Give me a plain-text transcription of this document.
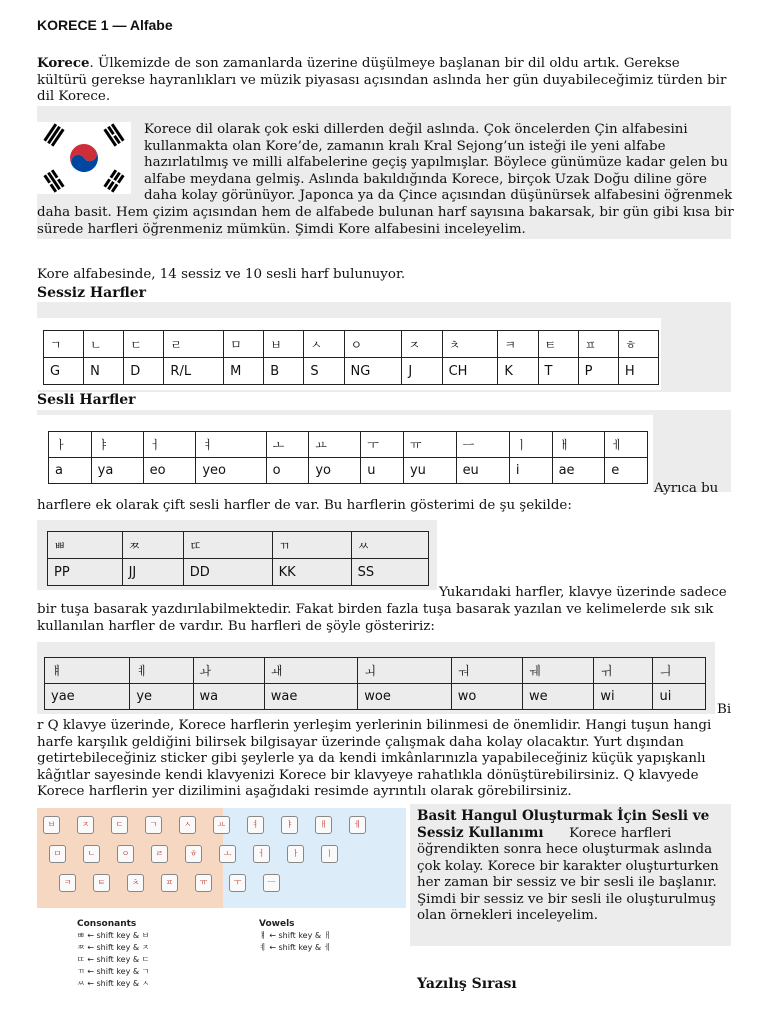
KORECE 1 — Alfabe
Korece. Ülkemizde de son zamanlarda üzerine düşülmeye başlanan bir dil oldu artık. Gerekse
kültürü gerekse hayranlıkları ve müzik piyasası açısından aslında her gün duyabileceğimiz türden bir
dil Korece.
Korece dil olarak çok eski dillerden değil aslında. Çok öncelerden Çin alfabesini
kullanmakta olan Kore’de, zamanın kralı Kral Sejong’un isteği ile yeni alfabe
hazırlatılmış ve milli alfabelerine geçiş yapılmışlar. Böylece günümüze kadar gelen bu
alfabe meydana gelmiş. Aslında bakıldığında Korece, birçok Uzak Doğu diline göre
daha kolay görünüyor. Japonca ya da Çince açısından düşünürsek alfabesini öğrenmek
daha basit. Hem çizim açısından hem de alfabede bulunan harf sayısına bakarsak, bir gün gibi kısa bir
sürede harfleri öğrenmeniz mümkün. Şimdi Kore alfabesini inceleyelim.
Kore alfabesinde, 14 sessiz ve 10 sesli harf bulunuyor.
Sessiz Harfler
ㄱ	ㄴ	ㄷ	ㄹ	ㅁ	ㅂ	ㅅ	ㅇ	ㅈ	ㅊ	ㅋ	ㅌ	ㅍ	ㅎ
G	N	D	R/L	M	B	S	NG	J	CH	K	T	P	H
Sesli Harfler
ㅏ	ㅑ	ㅓ	ㅕ	ㅗ	ㅛ	ㅜ	ㅠ	ㅡ	ㅣ	ㅐ	ㅔ
a	ya	eo	yeo	o	yo	u	yu	eu	i	ae	e
Ayrıca bu
harflere ek olarak çift sesli harfler de var. Bu harflerin gösterimi de şu şekilde:
ㅃ	ㅉ	ㄸ	ㄲ	ㅆ
PP	JJ	DD	KK	SS
Yukarıdaki harfler, klavye üzerinde sadece
bir tuşa basarak yazdırılabilmektedir. Fakat birden fazla tuşa basarak yazılan ve kelimelerde sık sık
kullanılan harfler de vardır. Bu harfleri de şöyle gösteririz:
ㅒ	ㅖ	ㅘ	ㅙ	ㅚ	ㅝ	ㅞ	ㅟ	ㅢ
yae	ye	wa	wae	woe	wo	we	wi	ui
Bi
r Q klavye üzerinde, Korece harflerin yerleşim yerlerinin bilinmesi de önemlidir. Hangi tuşun hangi
harfe karşılık geldiğini bilirsek bilgisayar üzerinde çalışmak daha kolay olacaktır. Yurt dışından
getirtebileceğiniz sticker gibi şeylerle ya da kendi imkânlarınızla yapabileceğiniz küçük yapışkanlı
kâğıtlar sayesinde kendi klavyenizi Korece bir klavyeye rahatlıkla dönüştürebilirsiniz. Q klavyede
Korece harflerin yer dizilimini aşağıdaki resimde ayrıntılı olarak görebilirsiniz.
ㅂ	ㅈ	ㄷ	ㄱ	ㅅ	ㅛ	ㅕ	ㅑ	ㅐ	ㅔ
ㅁ	ㄴ	ㅇ	ㄹ	ㅎ	ㅗ	ㅓ	ㅏ	ㅣ
ㅋ	ㅌ	ㅊ	ㅍ	ㅠ	ㅜ	ㅡ
Consonants
ㅃ ← shift key & ㅂ
ㅉ ← shift key & ㅈ
ㄸ ← shift key & ㄷ
ㄲ ← shift key & ㄱ
ㅆ ← shift key & ㅅ
Vowels
ㅒ ← shift key & ㅐ
ㅖ ← shift key & ㅔ
Basit Hangul Oluşturmak İçin Sesli ve
Sessiz Kullanımı Korece harfleri
öğrendikten sonra hece oluşturmak aslında
çok kolay. Korece bir karakter oluşturturken
her zaman bir sessiz ve bir sesli ile başlanır.
Şimdi bir sessiz ve bir sesli ile oluşturulmuş
olan örnekleri inceleyelim.
Yazılış Sırası
